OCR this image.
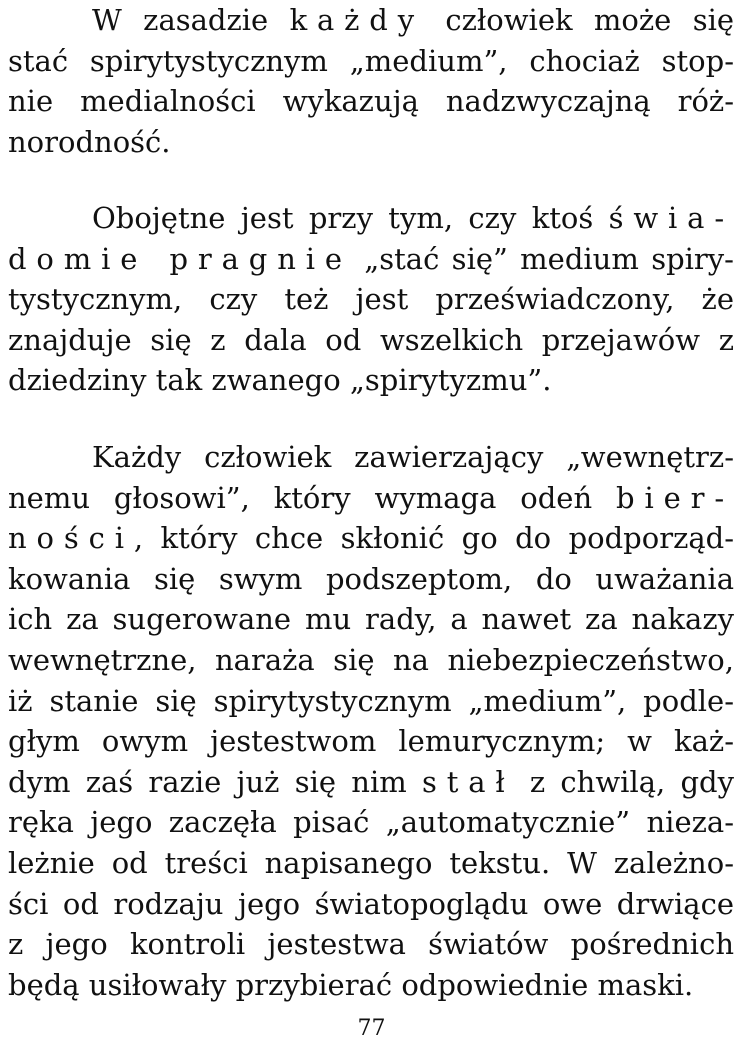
W zasadzie każdy człowiek może się
stać spirytystycznym „medium”, chociaż stop-
nie medialności wykazują nadzwyczajną róż-
norodność.
Obojętne jest przy tym, czy ktoś świa-
domie pragnie „stać się” medium spiry-
tystycznym, czy też jest przeświadczony, że
znajduje się z dala od wszelkich przejawów z
dziedziny tak zwanego „spirytyzmu”.
Każdy człowiek zawierzający „wewnętrz-
nemu głosowi”, który wymaga odeń bier-
ności, który chce skłonić go do podporząd-
kowania się swym podszeptom, do uważania
ich za sugerowane mu rady, a nawet za nakazy
wewnętrzne, naraża się na niebezpieczeństwo,
iż stanie się spirytystycznym „medium”, podle-
głym owym jestestwom lemurycznym; w każ-
dym zaś razie już się nim stał z chwilą, gdy
ręka jego zaczęła pisać „automatycznie” nieza-
leżnie od treści napisanego tekstu. W zależno-
ści od rodzaju jego światopoglądu owe drwiące
z jego kontroli jestestwa światów pośrednich
będą usiłowały przybierać odpowiednie maski.
77
